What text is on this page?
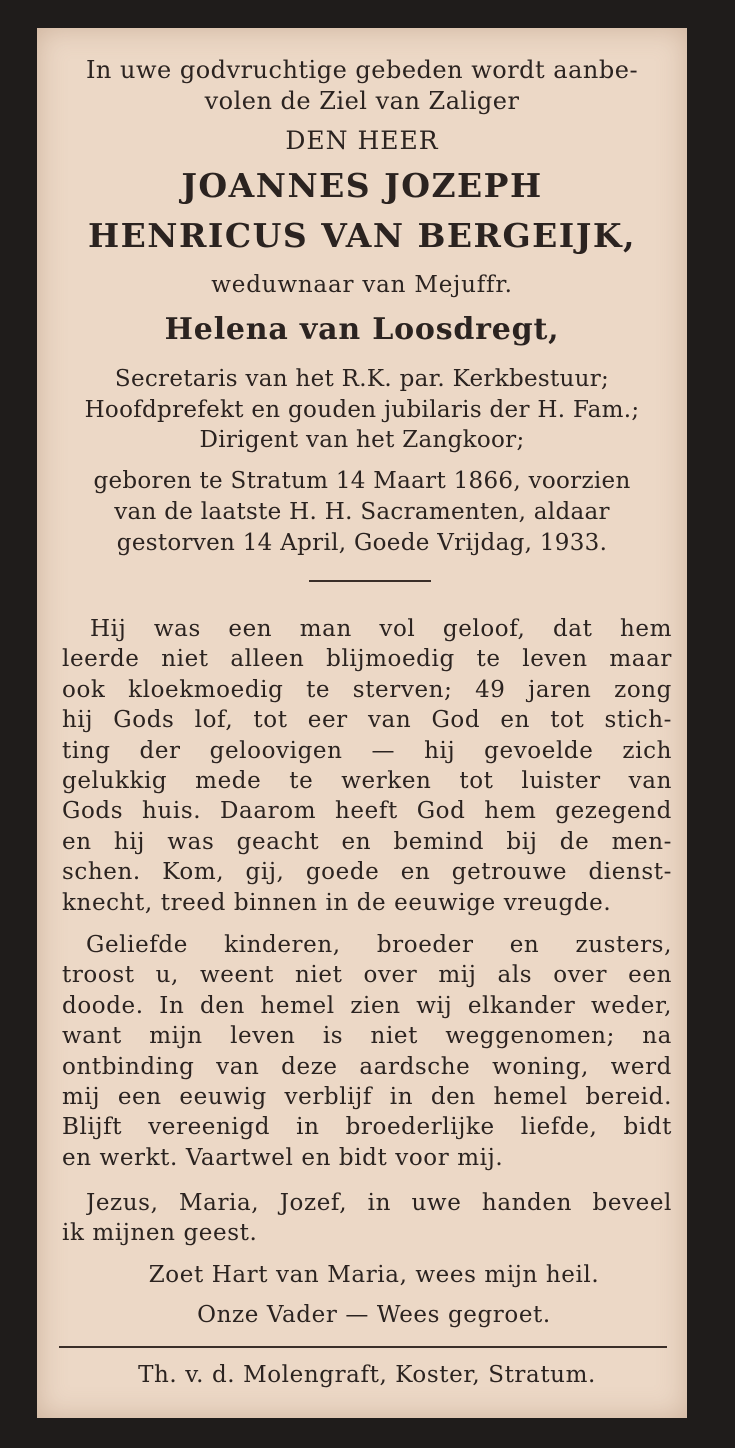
In uwe godvruchtige gebeden wordt aanbe-
volen de Ziel van Zaliger
DEN HEER
JOANNES JOZEPH
HENRICUS VAN BERGEIJK,
weduwnaar van Mejuffr.
Helena van Loosdregt,
Secretaris van het R.K. par. Kerkbestuur;
Hoofdprefekt en gouden jubilaris der H. Fam.;
Dirigent van het Zangkoor;
geboren te Stratum 14 Maart 1866, voorzien
van de laatste H. H. Sacramenten, aldaar
gestorven 14 April, Goede Vrijdag, 1933.
Hij was een man vol geloof, dat hem
leerde niet alleen blijmoedig te leven maar
ook kloekmoedig te sterven; 49 jaren zong
hij Gods lof, tot eer van God en tot stich-
ting der geloovigen — hij gevoelde zich
gelukkig mede te werken tot luister van
Gods huis. Daarom heeft God hem gezegend
en hij was geacht en bemind bij de men-
schen. Kom, gij, goede en getrouwe dienst-
knecht, treed binnen in de eeuwige vreugde.
Geliefde kinderen, broeder en zusters,
troost u, weent niet over mij als over een
doode. In den hemel zien wij elkander weder,
want mijn leven is niet weggenomen; na
ontbinding van deze aardsche woning, werd
mij een eeuwig verblijf in den hemel bereid.
Blijft vereenigd in broederlijke liefde, bidt
en werkt. Vaartwel en bidt voor mij.
Jezus, Maria, Jozef, in uwe handen beveel
ik mijnen geest.
Zoet Hart van Maria, wees mijn heil.
Onze Vader — Wees gegroet.
Th. v. d. Molengraft, Koster, Stratum.
